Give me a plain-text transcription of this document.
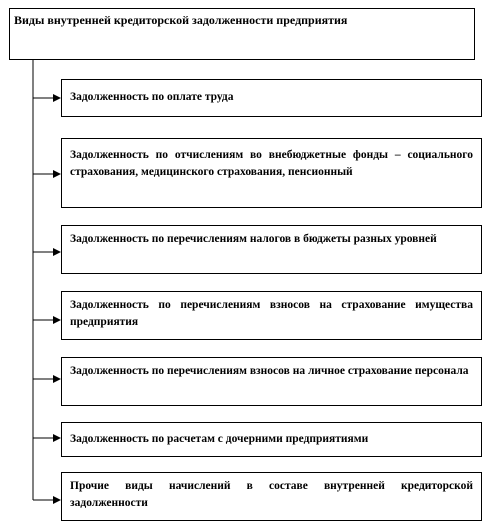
Виды внутренней кредиторской задолженности предприятия
Задолженность по оплате труда
Задолженность по отчислениям во внебюджетные фонды – социального страхования, медицинского страхования, пенсионный
Задолженность по перечислениям налогов в бюджеты разных уровней
Задолженность по перечислениям взносов на страхование имущества предприятия
Задолженность по перечислениям взносов на личное страхование персонала
Задолженность по расчетам с дочерними предприятиями
Прочие виды начислений в составе внутренней кредиторской задолженности
